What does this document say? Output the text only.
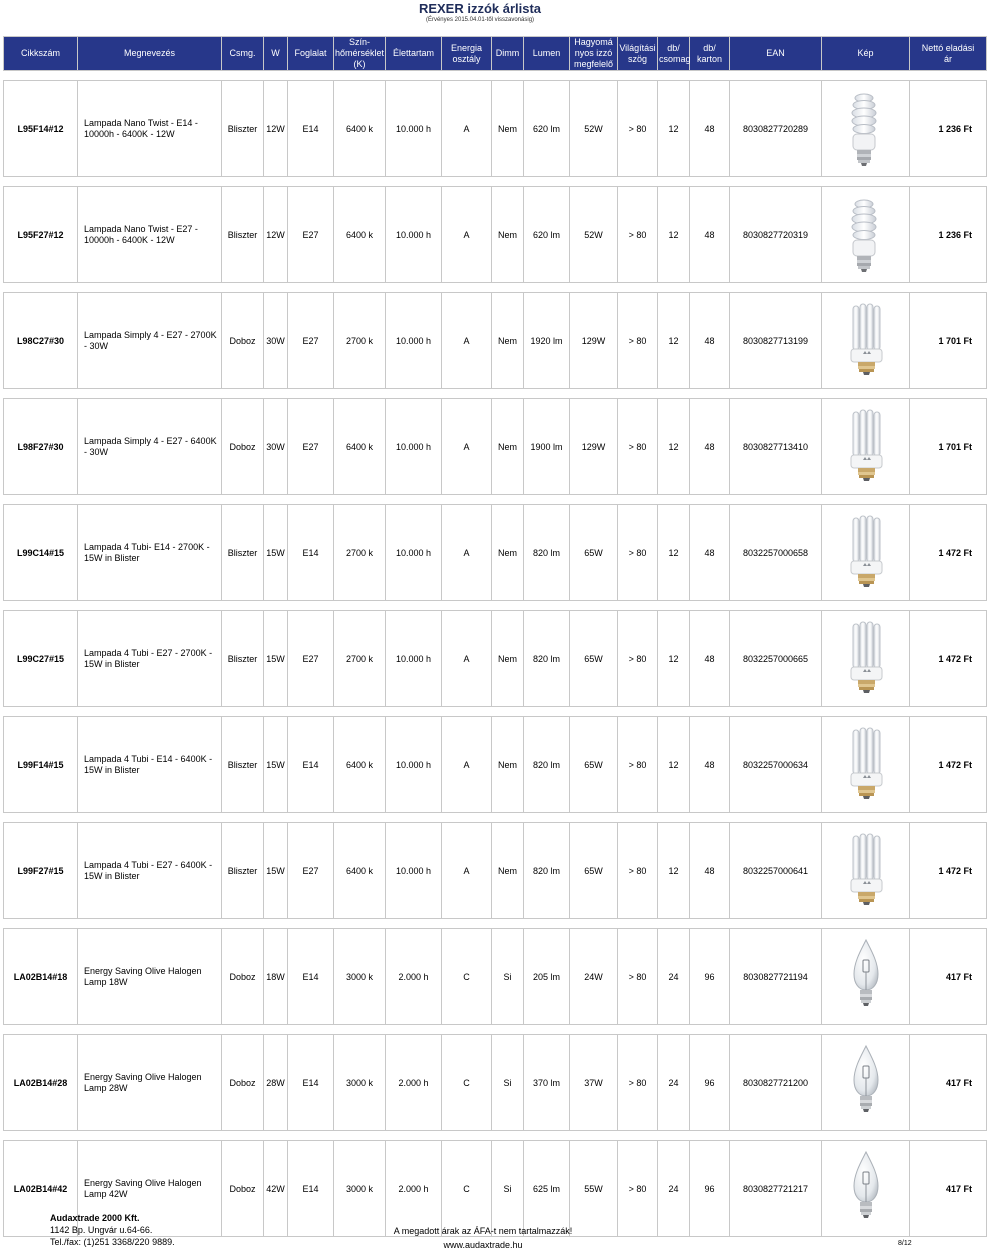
REXER izzók árlista
(Érvényes 2015.04.01-től visszavonásig)
Cikkszám	Megnevezés	Csmg.	W	Foglalat	Szín-
hőmérséklet
(K)	Élettartam	Energia
osztály	Dimm	Lumen	Hagyomá
nyos izzó
megfelelő	Világítási
szög	db/
csomag	db/
karton	EAN	Kép	Nettó eladási
ár

L95F14#12	Lampada Nano Twist - E14 - 10000h - 6400K - 12W	Bliszter	12W	E14	6400 k	10.000 h	A	Nem	620 lm	52W	> 80	12	48	8030827720289		1 236 Ft

L95F27#12	Lampada Nano Twist - E27 - 10000h - 6400K - 12W	Bliszter	12W	E27	6400 k	10.000 h	A	Nem	620 lm	52W	> 80	12	48	8030827720319		1 236 Ft

L98C27#30	Lampada Simply 4 - E27 - 2700K - 30W	Doboz	30W	E27	2700 k	10.000 h	A	Nem	1920 lm	129W	> 80	12	48	8030827713199		1 701 Ft

L98F27#30	Lampada Simply 4 - E27 - 6400K - 30W	Doboz	30W	E27	6400 k	10.000 h	A	Nem	1900 lm	129W	> 80	12	48	8030827713410		1 701 Ft

L99C14#15	Lampada 4 Tubi- E14 - 2700K - 15W in Blister	Bliszter	15W	E14	2700 k	10.000 h	A	Nem	820 lm	65W	> 80	12	48	8032257000658		1 472 Ft

L99C27#15	Lampada 4 Tubi - E27 - 2700K - 15W in Blister	Bliszter	15W	E27	2700 k	10.000 h	A	Nem	820 lm	65W	> 80	12	48	8032257000665		1 472 Ft

L99F14#15	Lampada 4 Tubi - E14 - 6400K - 15W in Blister	Bliszter	15W	E14	6400 k	10.000 h	A	Nem	820 lm	65W	> 80	12	48	8032257000634		1 472 Ft

L99F27#15	Lampada 4 Tubi - E27 - 6400K - 15W in Blister	Bliszter	15W	E27	6400 k	10.000 h	A	Nem	820 lm	65W	> 80	12	48	8032257000641		1 472 Ft

LA02B14#18	Energy Saving Olive Halogen Lamp 18W	Doboz	18W	E14	3000 k	2.000 h	C	Si	205 lm	24W	> 80	24	96	8030827721194		417 Ft

LA02B14#28	Energy Saving Olive Halogen Lamp 28W	Doboz	28W	E14	3000 k	2.000 h	C	Si	370 lm	37W	> 80	24	96	8030827721200		417 Ft

LA02B14#42	Energy Saving Olive Halogen Lamp 42W	Doboz	42W	E14	3000 k	2.000 h	C	Si	625 lm	55W	> 80	24	96	8030827721217		417 Ft
Audaxtrade 2000 Kft.
1142 Bp. Ungvár u.64-66.
Tel./fax: (1)251 3368/220 9889.
A megadott árak az ÁFA-t nem tartalmazzák!
www.audaxtrade.hu	8/12
